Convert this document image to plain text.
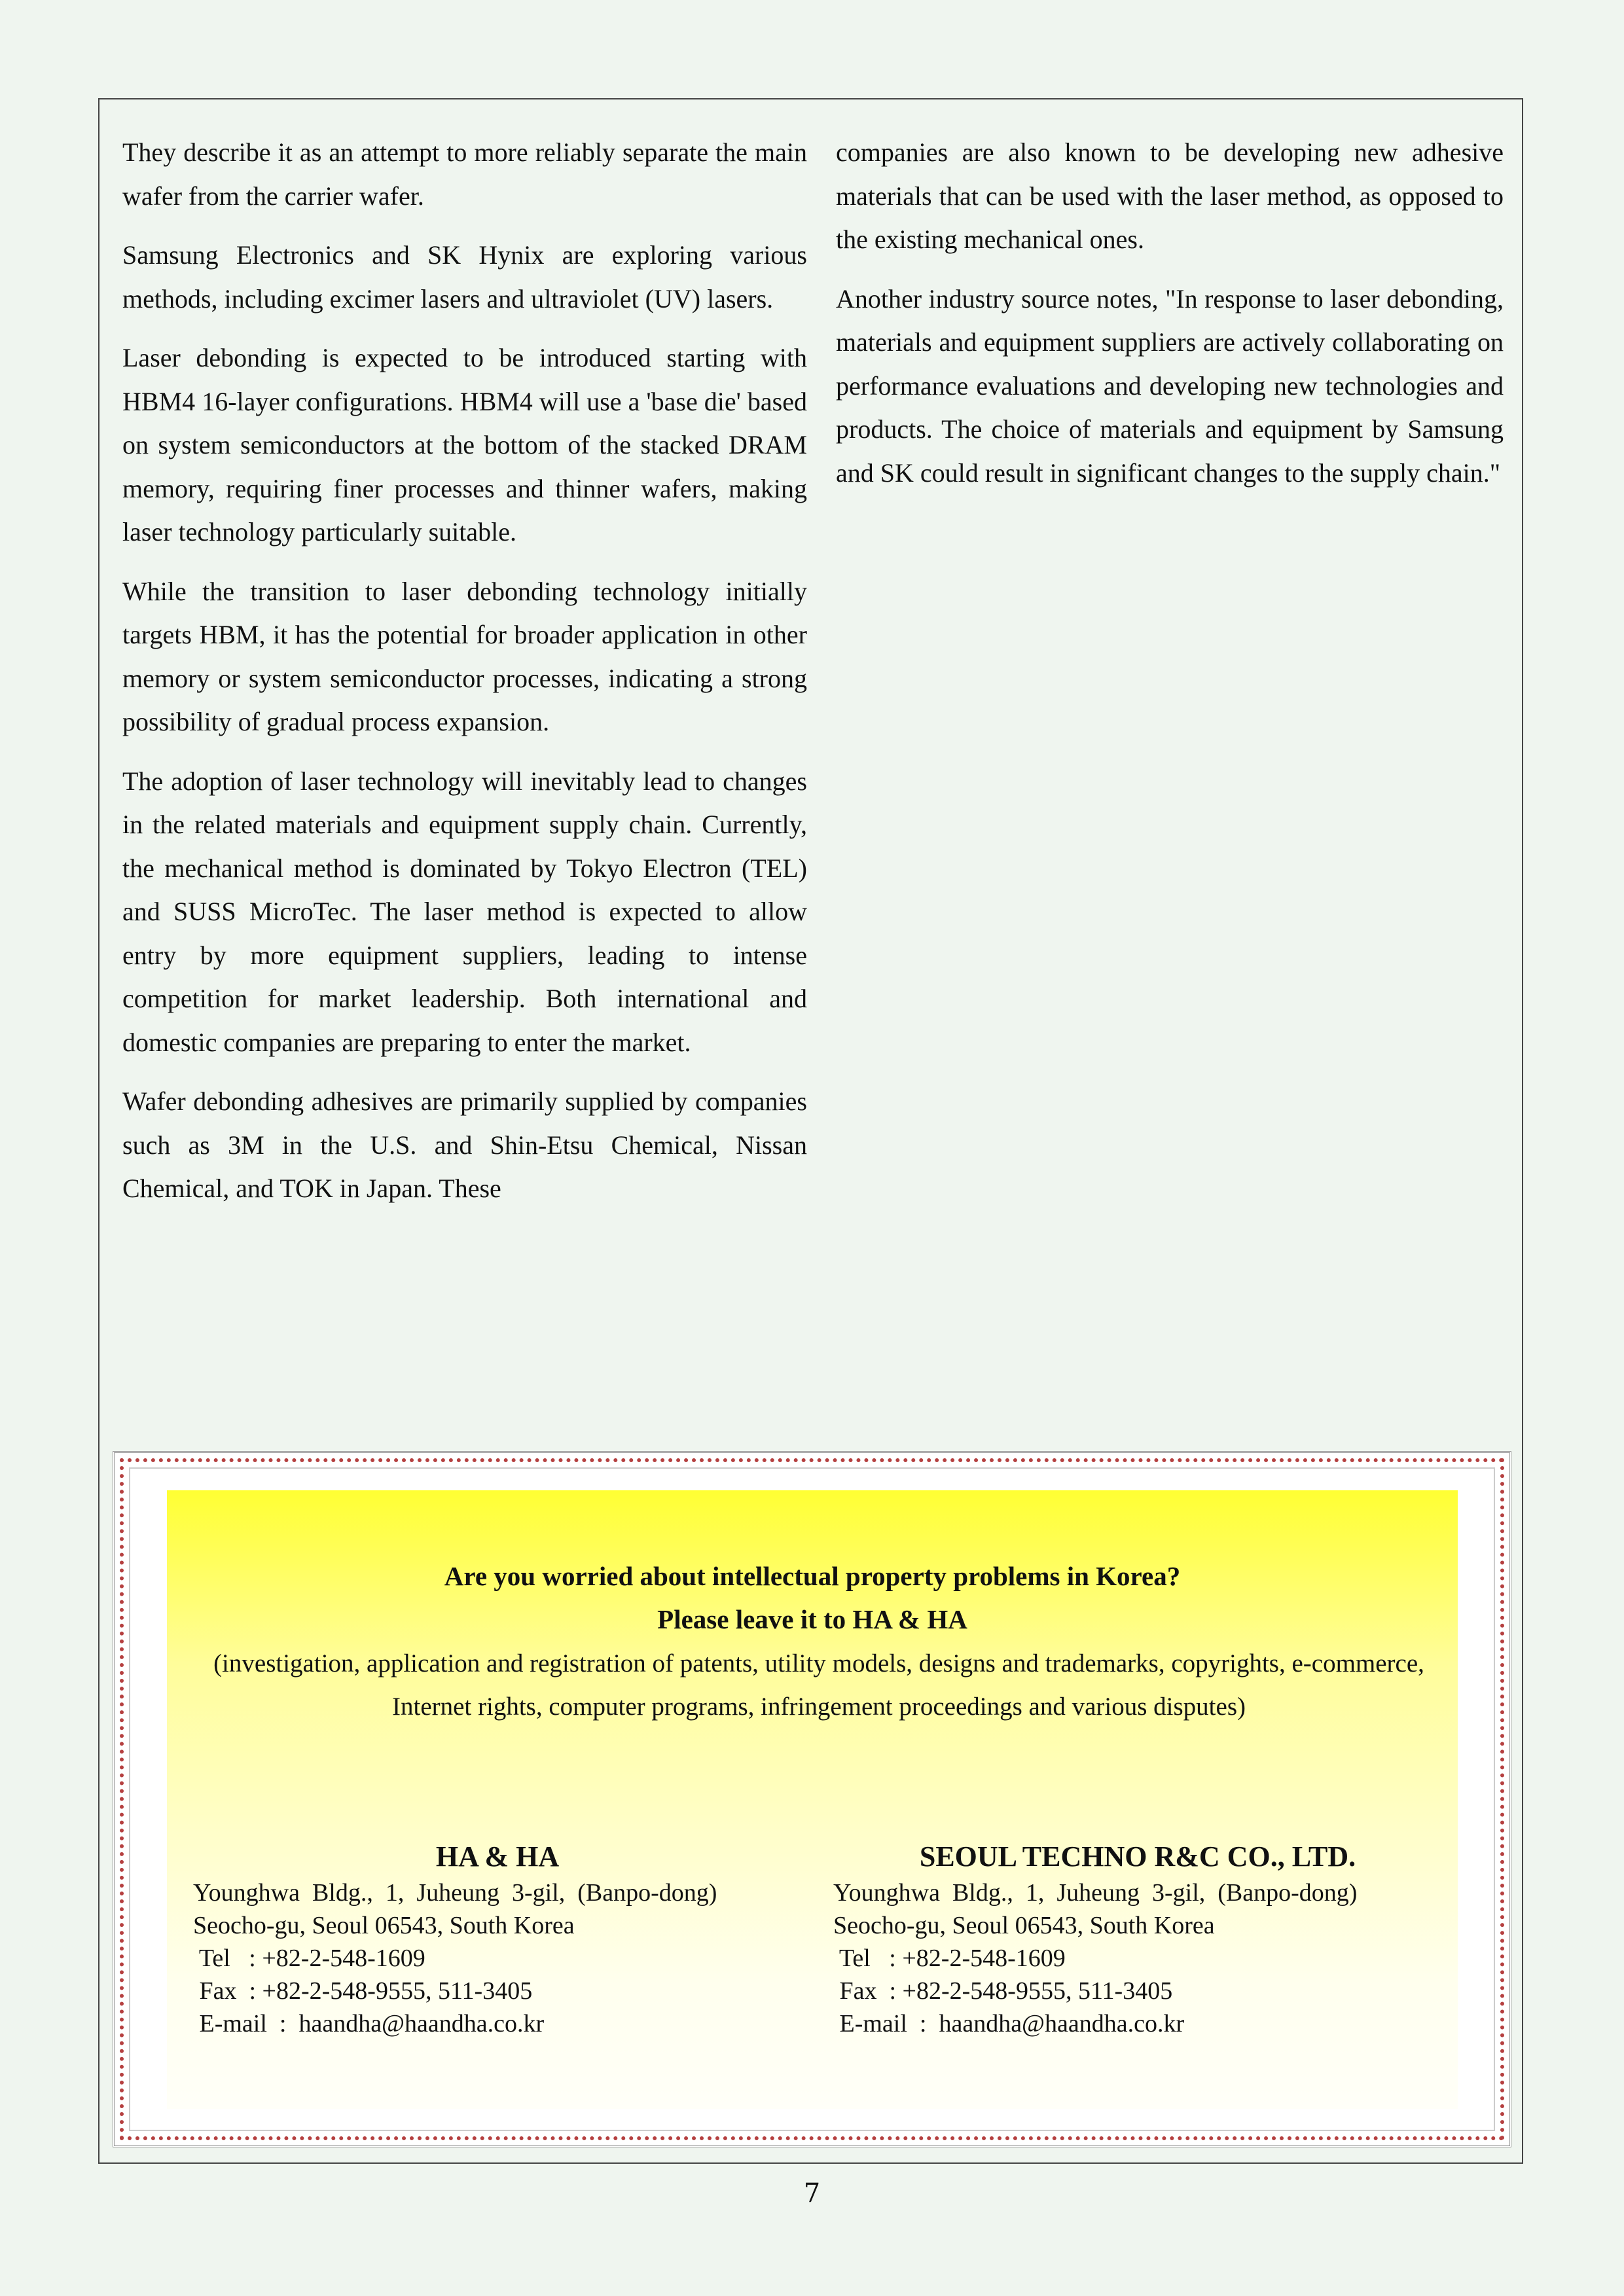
They describe it as an attempt to more reliably separate the main wafer from the carrier wafer.

Samsung Electronics and SK Hynix are exploring various methods, including excimer lasers and ultraviolet (UV) lasers.

Laser debonding is expected to be introduced starting with HBM4 16-layer configurations. HBM4 will use a 'base die' based on system semiconductors at the bottom of the stacked DRAM memory, requiring finer processes and thinner wafers, making laser technology particularly suitable.

While the transition to laser debonding technology initially targets HBM, it has the potential for broader application in other memory or system semiconductor processes, indicating a strong possibility of gradual process expansion.

The adoption of laser technology will inevitably lead to changes in the related materials and equipment supply chain. Currently, the mechanical method is dominated by Tokyo Electron (TEL) and SUSS MicroTec. The laser method is expected to allow entry by more equipment suppliers, leading to intense competition for market leadership. Both international and domestic companies are preparing to enter the market.

Wafer debonding adhesives are primarily supplied by companies such as 3M in the U.S. and Shin-Etsu Chemical, Nissan Chemical, and TOK in Japan. These

companies are also known to be developing new adhesive materials that can be used with the laser method, as opposed to the existing mechanical ones.

Another industry source notes, "In response to laser debonding, materials and equipment suppliers are actively collaborating on performance evaluations and developing new technologies and products. The choice of materials and equipment by Samsung and SK could result in significant changes to the supply chain."

Are you worried about intellectual property problems in Korea?
Please leave it to HA & HA
(investigation, application and registration of patents, utility models, designs and trademarks, copyrights, e-commerce, Internet rights, computer programs, infringement proceedings and various disputes)
HA & HA
Younghwa  Bldg.,  1,  Juheung  3-gil,  (Banpo-dong)
Seocho-gu, Seoul 06543, South Korea
Tel   : +82-2-548-1609
Fax  : +82-2-548-9555, 511-3405
E-mail  :  haandha@haandha.co.kr
SEOUL TECHNO R&C CO., LTD.
Younghwa  Bldg.,  1,  Juheung  3-gil,  (Banpo-dong)
Seocho-gu, Seoul 06543, South Korea
Tel   : +82-2-548-1609
Fax  : +82-2-548-9555, 511-3405
E-mail  :  haandha@haandha.co.kr
7
